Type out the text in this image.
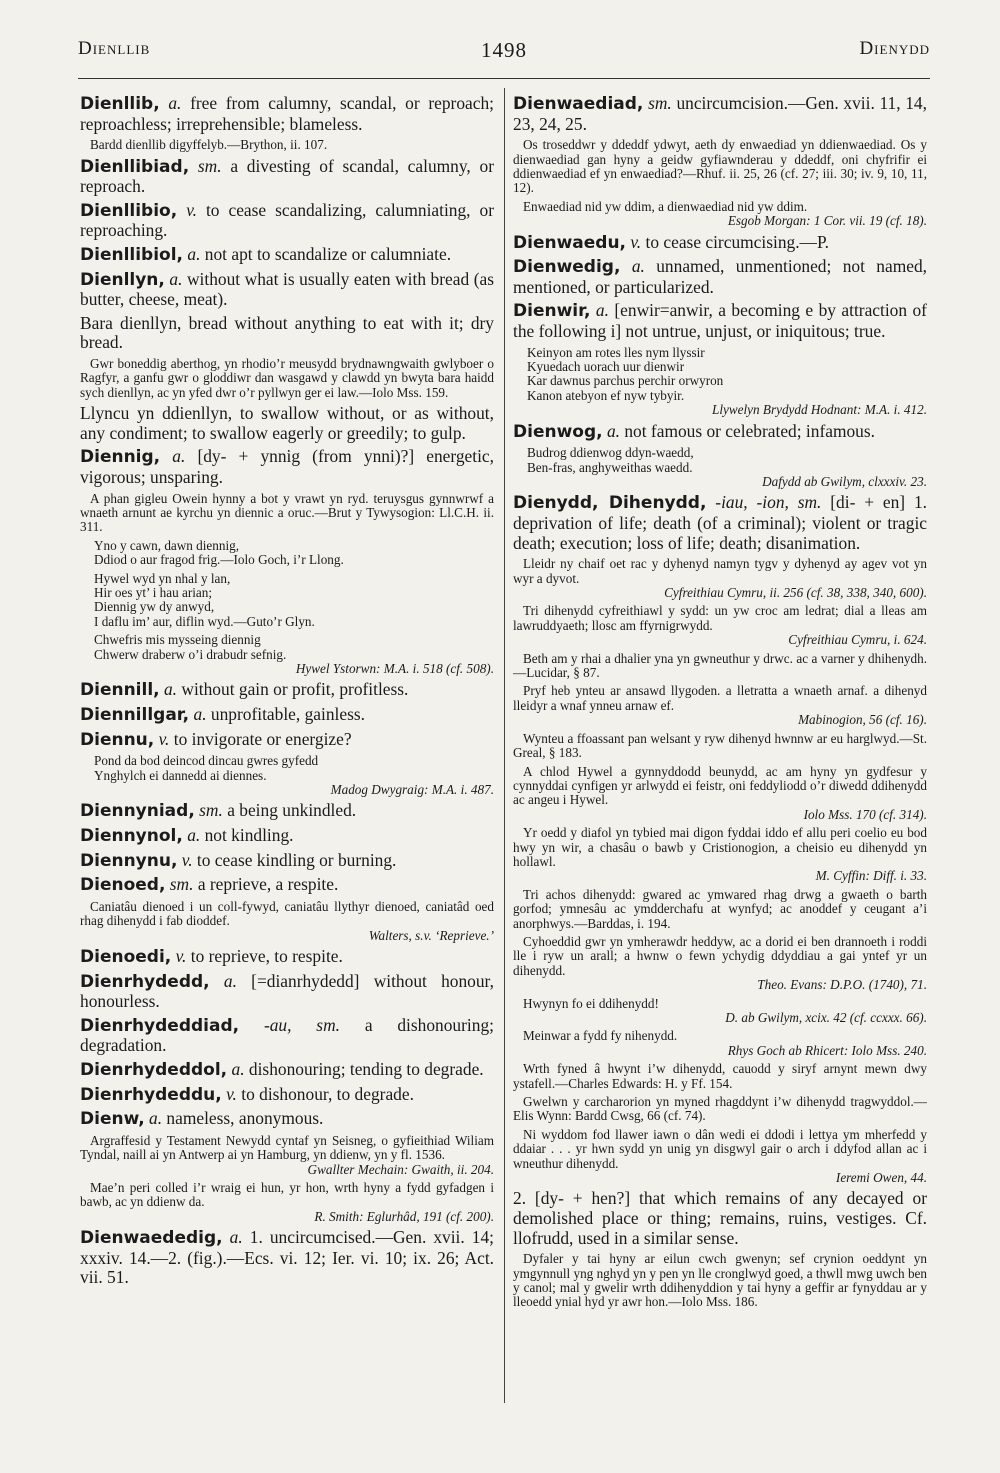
Dienllib	1498	Dienydd
Dienllib, a. free from calumny, scandal, or reproach; reproachless; irreprehensible; blameless.
Bardd dienllib digyffelyb.—Brython, ii. 107.
Dienllibiad, sm. a divesting of scandal, calumny, or reproach.
Dienllibio, v. to cease scandalizing, calumniating, or reproaching.
Dienllibiol, a. not apt to scandalize or calumniate.
Dienllyn, a. without what is usually eaten with bread (as butter, cheese, meat).
Bara dienllyn, bread without anything to eat with it; dry bread.
Gwr boneddig aberthog, yn rhodio’r meusydd brydnawngwaith gwlyboer o Ragfyr, a ganfu gwr o gloddiwr dan wasgawd y clawdd yn bwyta bara haidd sych dienllyn, ac yn yfed dwr o’r pyllwyn ger ei law.—Iolo Mss. 159.
Llyncu yn ddienllyn, to swallow without, or as without, any condiment; to swallow eagerly or greedily; to gulp.
Diennig, a. [dy- + ynnig (from ynni)?] energetic, vigorous; unsparing.
A phan gigleu Owein hynny a bot y vrawt yn ryd. teruysgus gynnwrwf a wnaeth arnunt ae kyrchu yn diennic a oruc.—Brut y Tywysogion: Ll.C.H. ii. 311.
Yno y cawn, dawn diennig,
Ddiod o aur fragod frig.—Iolo Goch, i’r Llong.
Hywel wyd yn nhal y lan,
Hir oes yt’ i hau arian;
Diennig yw dy anwyd,
I daflu im’ aur, diflin wyd.—Guto’r Glyn.
Chwefris mis mysseing diennig
Chwerw draberw o’i drabudr sefnig.
Hywel Ystorwn: M.A. i. 518 (cf. 508).
Diennill, a. without gain or profit, profitless.
Diennillgar, a. unprofitable, gainless.
Diennu, v. to invigorate or energize?
Pond da bod deincod dincau gwres gyfedd
Ynghylch ei dannedd ai diennes.
Madog Dwygraig: M.A. i. 487.
Diennyniad, sm. a being unkindled.
Diennynol, a. not kindling.
Diennynu, v. to cease kindling or burning.
Dienoed, sm. a reprieve, a respite.
Caniatâu dienoed i un coll-fywyd, caniatâu llythyr dienoed, caniatâd oed rhag dihenydd i fab dioddef.
Walters, s.v. ‘Reprieve.’
Dienoedi, v. to reprieve, to respite.
Dienrhydedd, a. [=dianrhydedd] without honour, honourless.
Dienrhydeddiad, -au, sm. a dishonouring; degradation.
Dienrhydeddol, a. dishonouring; tending to degrade.
Dienrhydeddu, v. to dishonour, to degrade.
Dienw, a. nameless, anonymous.
Argraffesid y Testament Newydd cyntaf yn Seisneg, o gyfieithiad Wiliam Tyndal, naill ai yn Antwerp ai yn Hamburg, yn ddienw, yn y fl. 1536.
Gwallter Mechain: Gwaith, ii. 204.
Mae’n peri colled i’r wraig ei hun, yr hon, wrth hyny a fydd gyfadgen i bawb, ac yn ddienw da.
R. Smith: Eglurhâd, 191 (cf. 200).
Dienwaededig, a. 1. uncircumcised.—Gen. xvii. 14; xxxiv. 14.—2. (fig.).—Ecs. vi. 12; Ier. vi. 10; ix. 26; Act. vii. 51.
Dienwaediad, sm. uncircumcision.—Gen. xvii. 11, 14, 23, 24, 25.
Os troseddwr y ddeddf ydwyt, aeth dy enwaediad yn ddienwaediad. Os y dienwaediad gan hyny a geidw gyfiawnderau y ddeddf, oni chyfrifir ei ddienwaediad ef yn enwaediad?—Rhuf. ii. 25, 26 (cf. 27; iii. 30; iv. 9, 10, 11, 12).
Enwaediad nid yw ddim, a dienwaediad nid yw ddim.
Esgob Morgan: 1 Cor. vii. 19 (cf. 18).
Dienwaedu, v. to cease circumcising.—P.
Dienwedig, a. unnamed, unmentioned; not named, mentioned, or particularized.
Dienwir, a. [enwir=anwir, a becoming e by attraction of the following i] not untrue, unjust, or iniquitous; true.
Keinyon am rotes lles nym llyssir
Kyuedach uorach uur dienwir
Kar dawnus parchus perchir orwyron
Kanon atebyon ef nyw tybyir.
Llywelyn Brydydd Hodnant: M.A. i. 412.
Dienwog, a. not famous or celebrated; infamous.
Budrog ddienwog ddyn-waedd,
Ben-fras, anghyweithas waedd.
Dafydd ab Gwilym, clxxxiv. 23.
Dienydd, Dihenydd, -iau, -ion, sm. [di- + en] 1. deprivation of life; death (of a criminal); violent or tragic death; execution; loss of life; death; disanimation.
Lleidr ny chaif oet rac y dyhenyd namyn tygv y dyhenyd ay agev vot yn wyr a dyvot.
Cyfreithiau Cymru, ii. 256 (cf. 38, 338, 340, 600).
Tri dihenydd cyfreithiawl y sydd: un yw croc am ledrat; dial a lleas am lawruddyaeth; llosc am ffyrnigrwydd.
Cyfreithiau Cymru, i. 624.
Beth am y rhai a dhalier yna yn gwneuthur y drwc. ac a varner y dhihenydh.—Lucidar, § 87.
Pryf heb ynteu ar ansawd llygoden. a lletratta a wnaeth arnaf. a dihenyd lleidyr a wnaf ynneu arnaw ef.
Mabinogion, 56 (cf. 16).
Wynteu a ffoassant pan welsant y ryw dihenyd hwnnw ar eu harglwyd.—St. Greal, § 183.
A chlod Hywel a gynnyddodd beunydd, ac am hyny yn gydfesur y cynnyddai cynfigen yr arlwydd ei feistr, oni feddyliodd o’r diwedd ddihenydd ac angeu i Hywel.
Iolo Mss. 170 (cf. 314).
Yr oedd y diafol yn tybied mai digon fyddai iddo ef allu peri coelio eu bod hwy yn wir, a chasâu o bawb y Cristionogion, a cheisio eu dihenydd yn hollawl.
M. Cyffin: Diff. i. 33.
Tri achos dihenydd: gwared ac ymwared rhag drwg a gwaeth o barth gorfod; ymnesâu ac ymdderchafu at wynfyd; ac anoddef y ceugant a’i anorphwys.—Barddas, i. 194.
Cyhoeddid gwr yn ymherawdr heddyw, ac a dorid ei ben drannoeth i roddi lle i ryw un arall; a hwnw o fewn ychydig ddyddiau a gai yntef yr un dihenydd.
Theo. Evans: D.P.O. (1740), 71.
Hwynyn fo ei ddihenydd!
D. ab Gwilym, xcix. 42 (cf. ccxxx. 66).
Meinwar a fydd fy nihenydd.
Rhys Goch ab Rhicert: Iolo Mss. 240.
Wrth fyned â hwynt i’w dihenydd, cauodd y siryf arnynt mewn dwy ystafell.—Charles Edwards: H. y Ff. 154.
Gwelwn y carcharorion yn myned rhagddynt i’w dihenydd tragwyddol.—Elis Wynn: Bardd Cwsg, 66 (cf. 74).
Ni wyddom fod llawer iawn o dân wedi ei ddodi i lettya ym mherfedd y ddaiar . . . yr hwn sydd yn unig yn disgwyl gair o arch i ddyfod allan ac i wneuthur dihenydd.
Ieremi Owen, 44.
2. [dy- + hen?] that which remains of any decayed or demolished place or thing; remains, ruins, vestiges. Cf. llofrudd, used in a similar sense.
Dyfaler y tai hyny ar eilun cwch gwenyn; sef crynion oeddynt yn ymgynnull yng nghyd yn y pen yn lle cronglwyd goed, a thwll mwg uwch ben y canol; mal y gwelir wrth ddihenyddion y tai hyny a geffir ar fynyddau ar y lleoedd ynial hyd yr awr hon.—Iolo Mss. 186.
